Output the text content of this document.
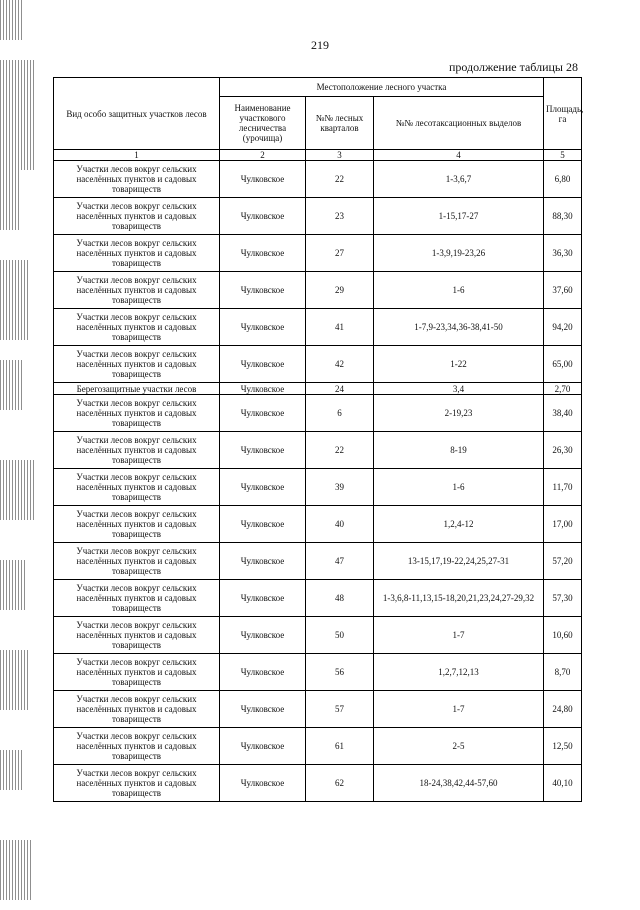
219
продолжение таблицы 28
Вид особо защитных участков лесов	Местоположение лесного участка			Площадь, га
	Наименование участкового лесничества (урочища)	№№ лесных кварталов	№№ лесотаксационных выделов	
1	2	3	4	5
Участки лесов вокруг сельских населённых пунктов и садовых товариществ	Чулковское	22	1-3,6,7	6,80
Участки лесов вокруг сельских населённых пунктов и садовых товариществ	Чулковское	23	1-15,17-27	88,30
Участки лесов вокруг сельских населённых пунктов и садовых товариществ	Чулковское	27	1-3,9,19-23,26	36,30
Участки лесов вокруг сельских населённых пунктов и садовых товариществ	Чулковское	29	1-6	37,60
Участки лесов вокруг сельских населённых пунктов и садовых товариществ	Чулковское	41	1-7,9-23,34,36-38,41-50	94,20
Участки лесов вокруг сельских населённых пунктов и садовых товариществ	Чулковское	42	1-22	65,00
Берегозащитные участки лесов	Чулковское	24	3,4	2,70
Участки лесов вокруг сельских населённых пунктов и садовых товариществ	Чулковское	6	2-19,23	38,40
Участки лесов вокруг сельских населённых пунктов и садовых товариществ	Чулковское	22	8-19	26,30
Участки лесов вокруг сельских населённых пунктов и садовых товариществ	Чулковское	39	1-6	11,70
Участки лесов вокруг сельских населённых пунктов и садовых товариществ	Чулковское	40	1,2,4-12	17,00
Участки лесов вокруг сельских населённых пунктов и садовых товариществ	Чулковское	47	13-15,17,19-22,24,25,27-31	57,20
Участки лесов вокруг сельских населённых пунктов и садовых товариществ	Чулковское	48	1-3,6,8-11,13,15-18,20,21,23,24,27-29,32	57,30
Участки лесов вокруг сельских населённых пунктов и садовых товариществ	Чулковское	50	1-7	10,60
Участки лесов вокруг сельских населённых пунктов и садовых товариществ	Чулковское	56	1,2,7,12,13	8,70
Участки лесов вокруг сельских населённых пунктов и садовых товариществ	Чулковское	57	1-7	24,80
Участки лесов вокруг сельских населённых пунктов и садовых товариществ	Чулковское	61	2-5	12,50
Участки лесов вокруг сельских населённых пунктов и садовых товариществ	Чулковское	62	18-24,38,42,44-57,60	40,10
